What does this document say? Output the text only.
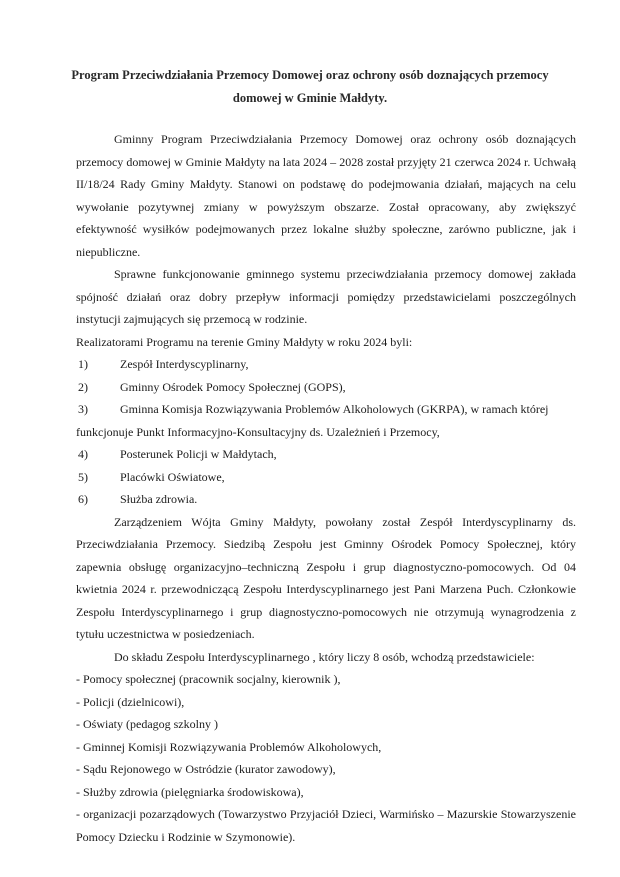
Program Przeciwdziałania Przemocy Domowej oraz ochrony osób doznających przemocy domowej w Gminie Małdyty.

Gminny Program Przeciwdziałania Przemocy Domowej oraz ochrony osób doznających przemocy domowej w Gminie Małdyty na lata 2024 – 2028 został przyjęty 21 czerwca 2024 r. Uchwałą II/18/24 Rady Gminy Małdyty. Stanowi on podstawę do podejmowania działań, mających na celu wywołanie pozytywnej zmiany w powyższym obszarze. Został opracowany, aby zwiększyć efektywność wysiłków podejmowanych przez lokalne służby społeczne, zarówno publiczne, jak i niepubliczne.

Sprawne funkcjonowanie gminnego systemu przeciwdziałania przemocy domowej zakłada spójność działań oraz dobry przepływ informacji pomiędzy przedstawicielami poszczególnych instytucji zajmujących się przemocą w rodzinie.

Realizatorami Programu na terenie Gminy Małdyty w roku 2024 byli:

1)	Zespół Interdyscyplinarny,
2)	Gminny Ośrodek Pomocy Społecznej (GOPS),
3)	Gminna Komisja Rozwiązywania Problemów Alkoholowych (GKRPA), w ramach której funkcjonuje Punkt Informacyjno-Konsultacyjny ds. Uzależnień i Przemocy,
4)	Posterunek Policji w Małdytach,
5)	Placówki Oświatowe,
6)	Służba zdrowia.

Zarządzeniem Wójta Gminy Małdyty, powołany został Zespół Interdyscyplinarny ds. Przeciwdziałania Przemocy. Siedzibą Zespołu jest Gminny Ośrodek Pomocy Społecznej, który zapewnia obsługę organizacyjno–techniczną Zespołu i grup diagnostyczno-pomocowych. Od 04 kwietnia 2024 r. przewodniczącą Zespołu Interdyscyplinarnego jest Pani Marzena Puch. Członkowie Zespołu Interdyscyplinarnego i grup diagnostyczno-pomocowych nie otrzymują wynagrodzenia z tytułu uczestnictwa w posiedzeniach.

Do składu Zespołu Interdyscyplinarnego , który liczy 8 osób, wchodzą przedstawiciele:

- Pomocy społecznej (pracownik socjalny, kierownik ),
- Policji (dzielnicowi),
- Oświaty (pedagog szkolny )
- Gminnej Komisji Rozwiązywania Problemów Alkoholowych,
- Sądu Rejonowego w Ostródzie (kurator zawodowy),
- Służby zdrowia (pielęgniarka środowiskowa),
- organizacji pozarządowych (Towarzystwo Przyjaciół Dzieci, Warmińsko – Mazurskie Stowarzyszenie Pomocy Dziecku i Rodzinie w Szymonowie).
